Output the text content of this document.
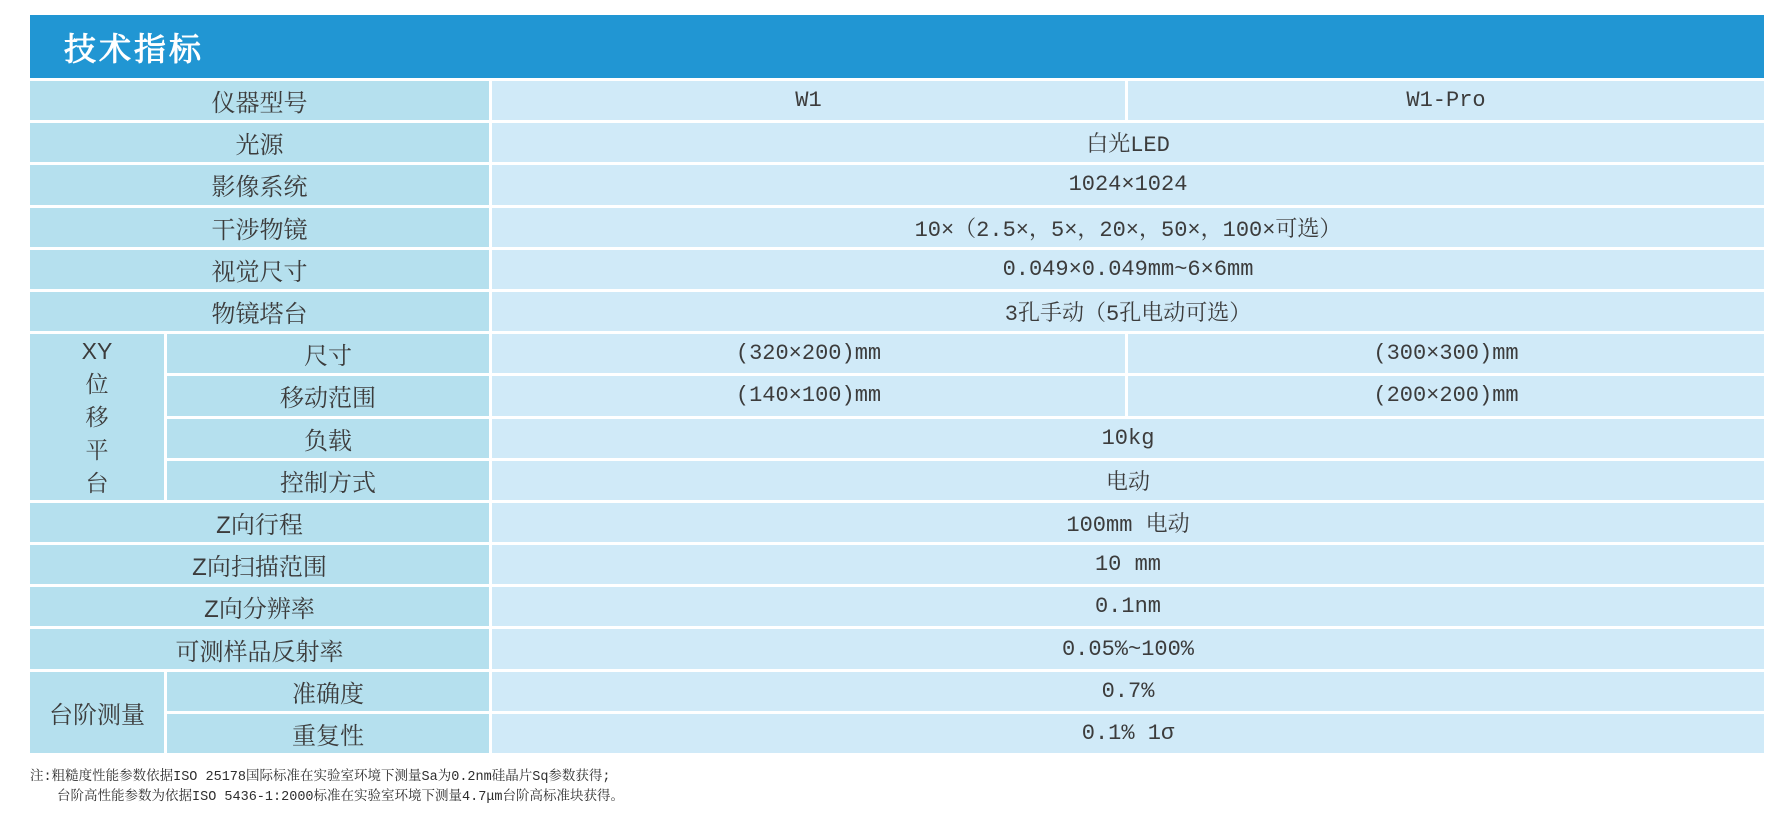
技术指标
仪器型号	W1	W1-Pro
光源	白光LED
影像系统	1024×1024
干涉物镜	10×（2.5×，5×，20×，50×，100×可选）
视觉尺寸	0.049×0.049mm~6×6mm
物镜塔台	3孔手动（5孔电动可选）
XY
位
移
平
台
尺寸	(320×200)mm	(300×300)mm
移动范围	(140×100)mm	(200×200)mm
负载	10kg
控制方式	电动
Z向行程	100mm 电动
Z向扫描范围	10 mm
Z向分辨率	0.1nm
可测样品反射率	0.05%~100%
台阶测量
准确度	0.7%
重复性	0.1% 1σ
注:粗糙度性能参数依据ISO 25178国际标准在实验室环境下测量Sa为0.2nm硅晶片Sq参数获得;
台阶高性能参数为依据ISO 5436-1:2000标准在实验室环境下测量4.7μm台阶高标准块获得。
